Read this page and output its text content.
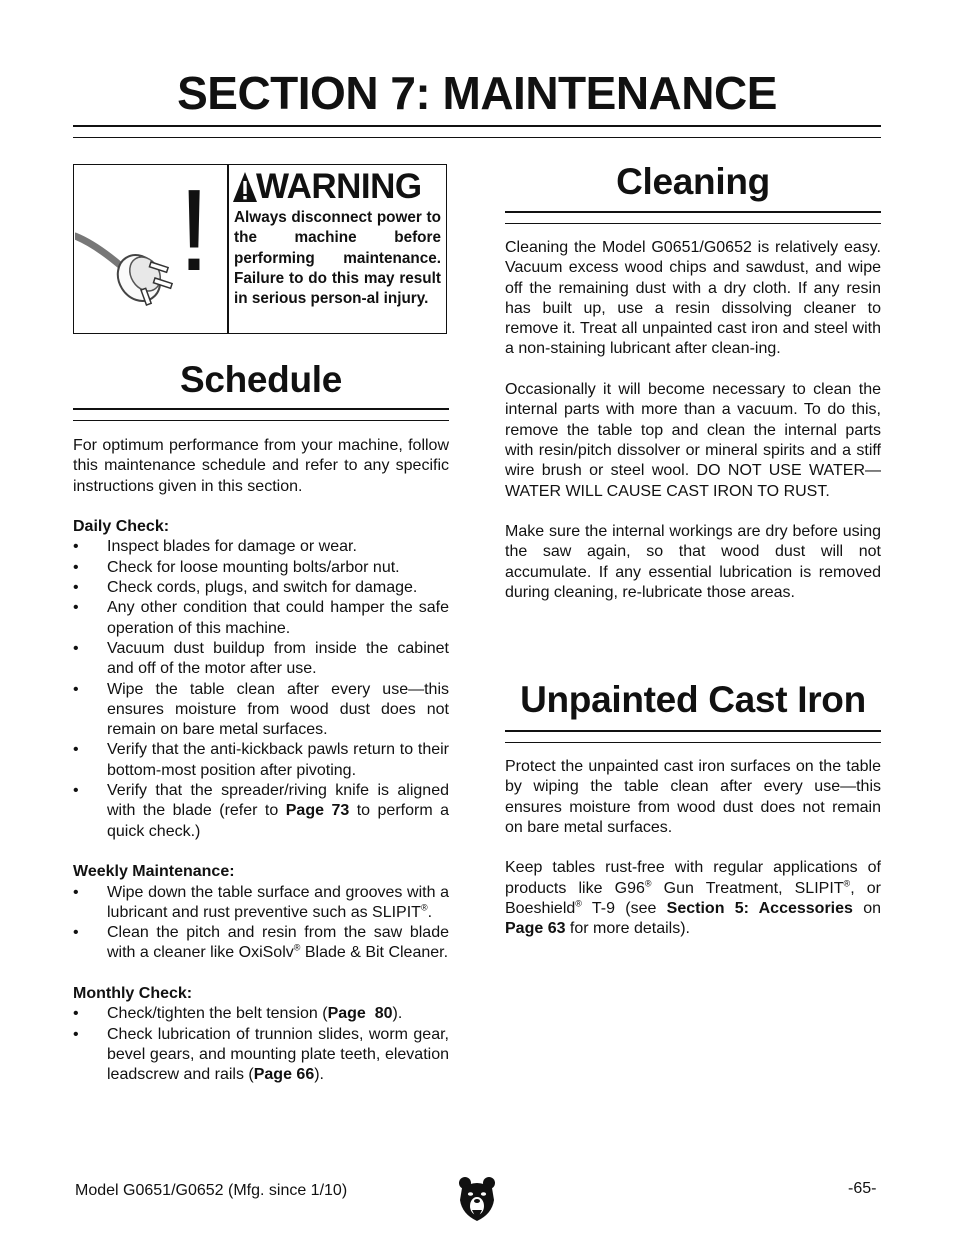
SECTION 7: MAINTENANCE
! WARNING
Always disconnect power to the machine before performing maintenance. Failure to do this may result in serious person-al injury.
Schedule

For optimum performance from your machine, follow this maintenance schedule and refer to any specific instructions given in this section.

Daily Check:

• Inspect blades for damage or wear.
• Check for loose mounting bolts/arbor nut.
• Check cords, plugs, and switch for damage.
• Any other condition that could hamper the safe operation of this machine.
• Vacuum dust buildup from inside the cabinet and off of the motor after use.
• Wipe the table clean after every use—this ensures moisture from wood dust does not remain on bare metal surfaces.
• Verify that the anti-kickback pawls return to their bottom-most position after pivoting.
• Verify that the spreader/riving knife is aligned with the blade (refer to Page 73 to perform a quick check.)

Weekly Maintenance:

• Wipe down the table surface and grooves with a lubricant and rust preventive such as SLIPIT®.
• Clean the pitch and resin from the saw blade with a cleaner like OxiSolv® Blade & Bit Cleaner.

Monthly Check:

• Check/tighten the belt tension (Page  80).
• Check lubrication of trunnion slides, worm gear, bevel gears, and mounting plate teeth, elevation leadscrew and rails (Page 66).
Cleaning

Cleaning the Model G0651/G0652 is relatively easy. Vacuum excess wood chips and sawdust, and wipe off the remaining dust with a dry cloth. If any resin has built up, use a resin dissolving cleaner to remove it. Treat all unpainted cast iron and steel with a non-staining lubricant after clean-ing.

Occasionally it will become necessary to clean the internal parts with more than a vacuum. To do this, remove the table top and clean the internal parts with resin/pitch dissolver or mineral spirits and a stiff wire brush or steel wool. DO NOT USE WATER—WATER WILL CAUSE CAST IRON TO RUST.

Make sure the internal workings are dry before using the saw again, so that wood dust will not accumulate. If any essential lubrication is removed during cleaning, re-lubricate those areas.

Unpainted Cast Iron

Protect the unpainted cast iron surfaces on the table by wiping the table clean after every use—this ensures moisture from wood dust does not remain on bare metal surfaces.

Keep tables rust-free with regular applications of products like G96® Gun Treatment, SLIPIT®, or Boeshield® T-9 (see Section 5: Accessories on Page 63 for more details).

Model G0651/G0652 (Mfg. since 1/10)	-65-
